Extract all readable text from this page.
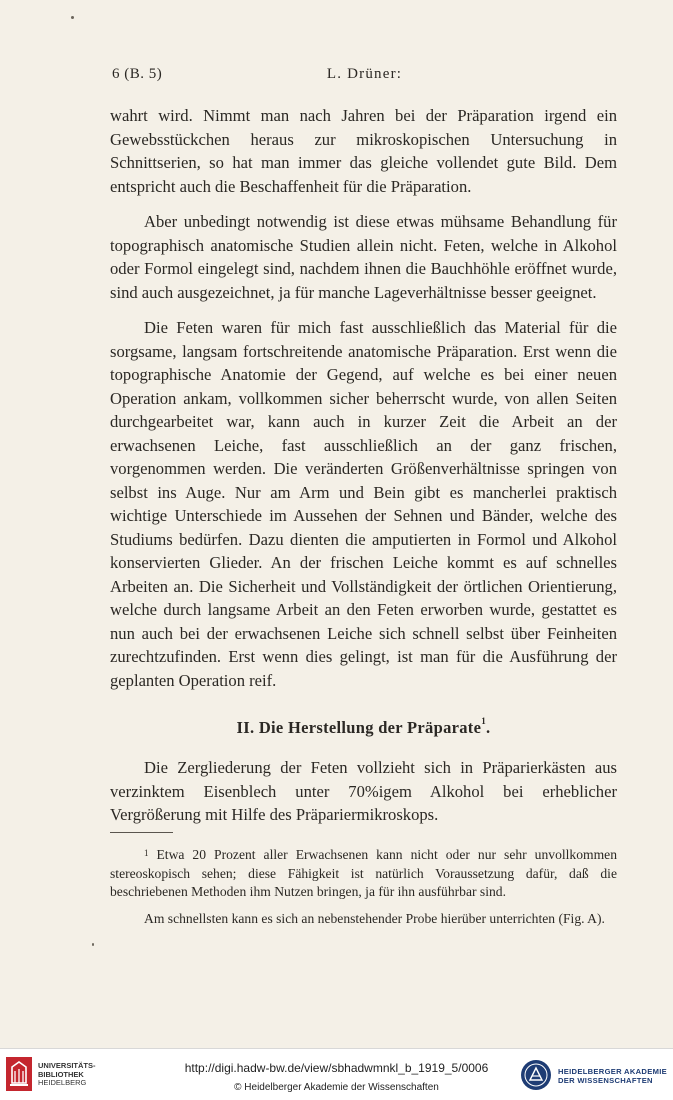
6 (B. 5)	L. Drüner:

wahrt wird. Nimmt man nach Jahren bei der Präparation irgend ein Gewebsstückchen heraus zur mikroskopischen Untersuchung in Schnittserien, so hat man immer das gleiche vollendet gute Bild. Dem entspricht auch die Beschaffenheit für die Präparation.

Aber unbedingt notwendig ist diese etwas mühsame Behandlung für topographisch anatomische Studien allein nicht. Feten, welche in Alkohol oder Formol eingelegt sind, nachdem ihnen die Bauchhöhle eröffnet wurde, sind auch ausgezeichnet, ja für manche Lageverhältnisse besser geeignet.

Die Feten waren für mich fast ausschließlich das Material für die sorgsame, langsam fortschreitende anatomische Präparation. Erst wenn die topographische Anatomie der Gegend, auf welche es bei einer neuen Operation ankam, vollkommen sicher beherrscht wurde, von allen Seiten durchgearbeitet war, kann auch in kurzer Zeit die Arbeit an der erwachsenen Leiche, fast ausschließlich an der ganz frischen, vorgenommen werden. Die veränderten Größenverhältnisse springen von selbst ins Auge. Nur am Arm und Bein gibt es mancherlei praktisch wichtige Unterschiede im Aussehen der Sehnen und Bänder, welche des Studiums bedürfen. Dazu dienten die amputierten in Formol und Alkohol konservierten Glieder. An der frischen Leiche kommt es auf schnelles Arbeiten an. Die Sicherheit und Vollständigkeit der örtlichen Orientierung, welche durch langsame Arbeit an den Feten erworben wurde, gestattet es nun auch bei der erwachsenen Leiche sich schnell selbst über Feinheiten zurechtzufinden. Erst wenn dies gelingt, ist man für die Ausführung der geplanten Operation reif.

II. Die Herstellung der Präparate$^1$.

Die Zergliederung der Feten vollzieht sich in Präparierkästen aus verzinktem Eisenblech unter 70%igem Alkohol bei erheblicher Vergrößerung mit Hilfe des Präpariermikroskops.

$^1$ Etwa 20 Prozent aller Erwachsenen kann nicht oder nur sehr unvollkommen stereoskopisch sehen; diese Fähigkeit ist natürlich Voraussetzung dafür, daß die beschriebenen Methoden ihm Nutzen bringen, ja für ihn ausführbar sind.

Am schnellsten kann es sich an nebenstehender Probe hierüber unterrichten (Fig. A).

UNIVERSITÄTS-
BIBLIOTHEK
HEIDELBERG
http://digi.hadw-bw.de/view/sbhadwmnkl_b_1919_5/0006
© Heidelberger Akademie der Wissenschaften
HEIDELBERGER AKADEMIE
DER WISSENSCHAFTEN
